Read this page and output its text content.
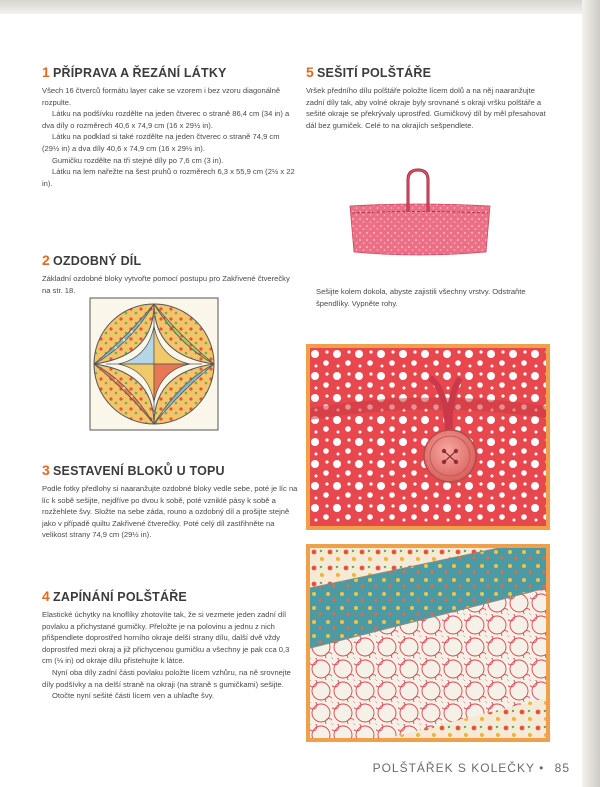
1 PŘÍPRAVA A ŘEZÁNÍ LÁTKY

Všech 16 čtverců formátu layer cake se vzorem i bez vzoru diagonálně rozpulte.

Látku na podšívku rozdělte na jeden čtverec o straně 86,4 cm (34 in) a dva díly o rozměrech 40,6 x 74,9 cm (16 x 29½ in).

Látku na podklad si také rozdělte na jeden čtverec o straně 74,9 cm (29½ in) a dva díly 40,6 x 74,9 cm (16 x 29½ in).

Gumičku rozdělte na tři stejné díly po 7,6 cm (3 in).

Látku na lem nařežte na šest pruhů o rozměrech 6,3 x 55,9 cm (2½ x 22 in).

2 OZDOBNÝ DÍL

Základní ozdobné bloky vytvořte pomocí postupu pro Zakřivené čtverečky na str. 18.

3 SESTAVENÍ BLOKŮ U TOPU

Podle fotky předlohy si naaranžujte ozdobné bloky vedle sebe, poté je líc na líc k sobě sešijte, nejdříve po dvou k sobě, poté vzniklé pásy k sobě a rozžehlete švy. Složte na sebe záda, rouno a ozdobný díl a prošijte stejně jako v případě quiltu Zakřivené čtverečky. Poté celý díl zastřihněte na velikost strany 74,9 cm (29½ in).

4 ZAPÍNÁNÍ POLŠTÁŘE

Elastické úchytky na knoflíky zhotovíte tak, že si vezmete jeden zadní díl povlaku a přichystané gumičky. Přeložte je na polovinu a jednu z nich přišpendlete doprostřed horního okraje delší strany dílu, další dvě vždy doprostřed mezi okraj a již přichycenou gumičku a všechny je pak cca 0,3 cm (⅛ in) od okraje dílu přistehujte k látce.

Nyní oba díly zadní části povlaku položte lícem vzhůru, na ně srovnejte díly podšívky a na delší straně na okraji (na straně s gumičkami) sešijte.

Otočte nyní sešité části lícem ven a uhlaďte švy.

5 SEŠITÍ POLŠTÁŘE

Vršek předního dílu polštáře položte lícem dolů a na něj naaranžujte zadní díly tak, aby volné okraje byly srovnané s okraji vršku polštáře a sešité okraje se překrývaly uprostřed. Gumičkový díl by měl přesahovat dál bez gumiček. Celé to na okrajích sešpendlete.

Sešijte kolem dokola, abyste zajistili všechny vrstvy. Odstraňte špendlíky. Vypněte rohy.

POLŠTÁŘEK S KOLEČKY • 85
